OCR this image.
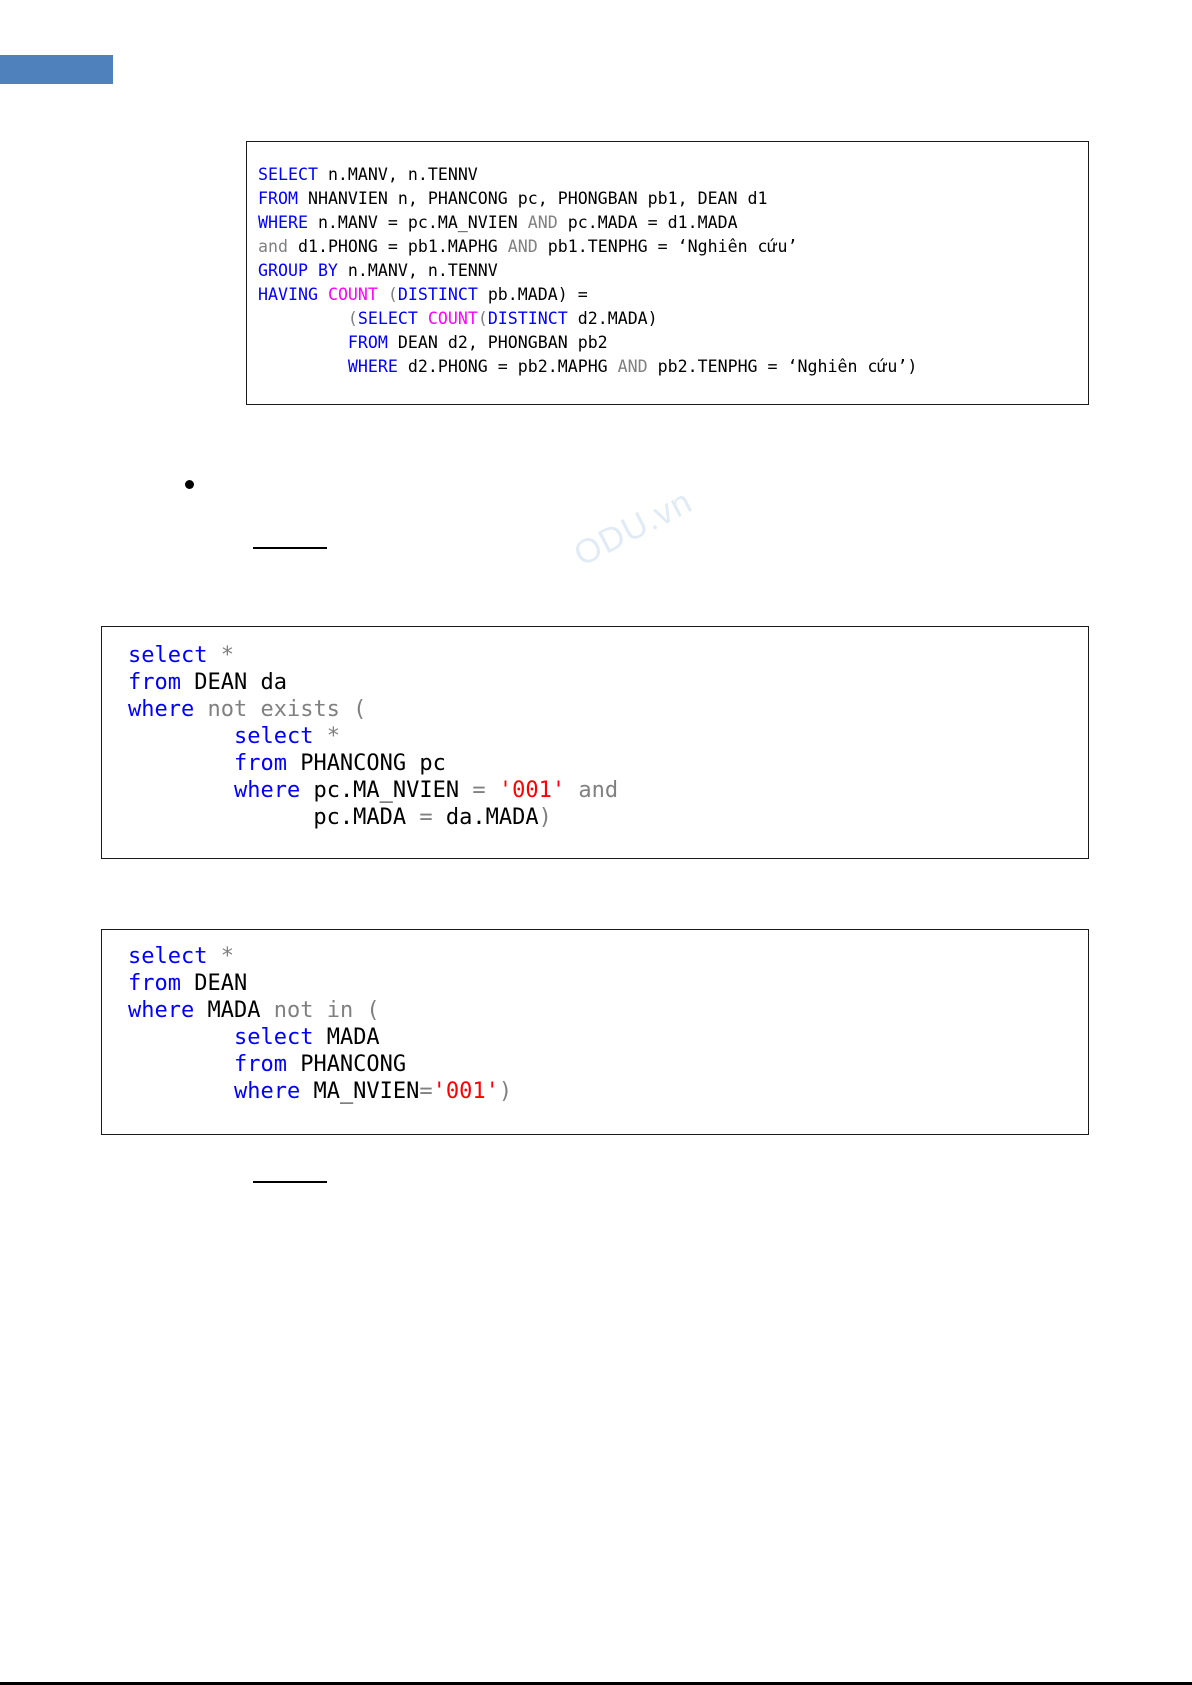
SELECT n.MANV, n.TENNV
FROM NHANVIEN n, PHANCONG pc, PHONGBAN pb1, DEAN d1
WHERE n.MANV = pc.MA_NVIEN AND pc.MADA = d1.MADA
and d1.PHONG = pb1.MAPHG AND pb1.TENPHG = ‘Nghiên cứu’
GROUP BY n.MANV, n.TENNV
HAVING COUNT (DISTINCT pb.MADA) =
(SELECT COUNT(DISTINCT d2.MADA)
FROM DEAN d2, PHONGBAN pb2
WHERE d2.PHONG = pb2.MAPHG AND pb2.TENPHG = ‘Nghiên cứu’)
ODU.vn
select *
from DEAN da
where not exists (
select *
from PHANCONG pc
where pc.MA_NVIEN = '001' and
pc.MADA = da.MADA)
select *
from DEAN
where MADA not in (
select MADA
from PHANCONG
where MA_NVIEN='001')
